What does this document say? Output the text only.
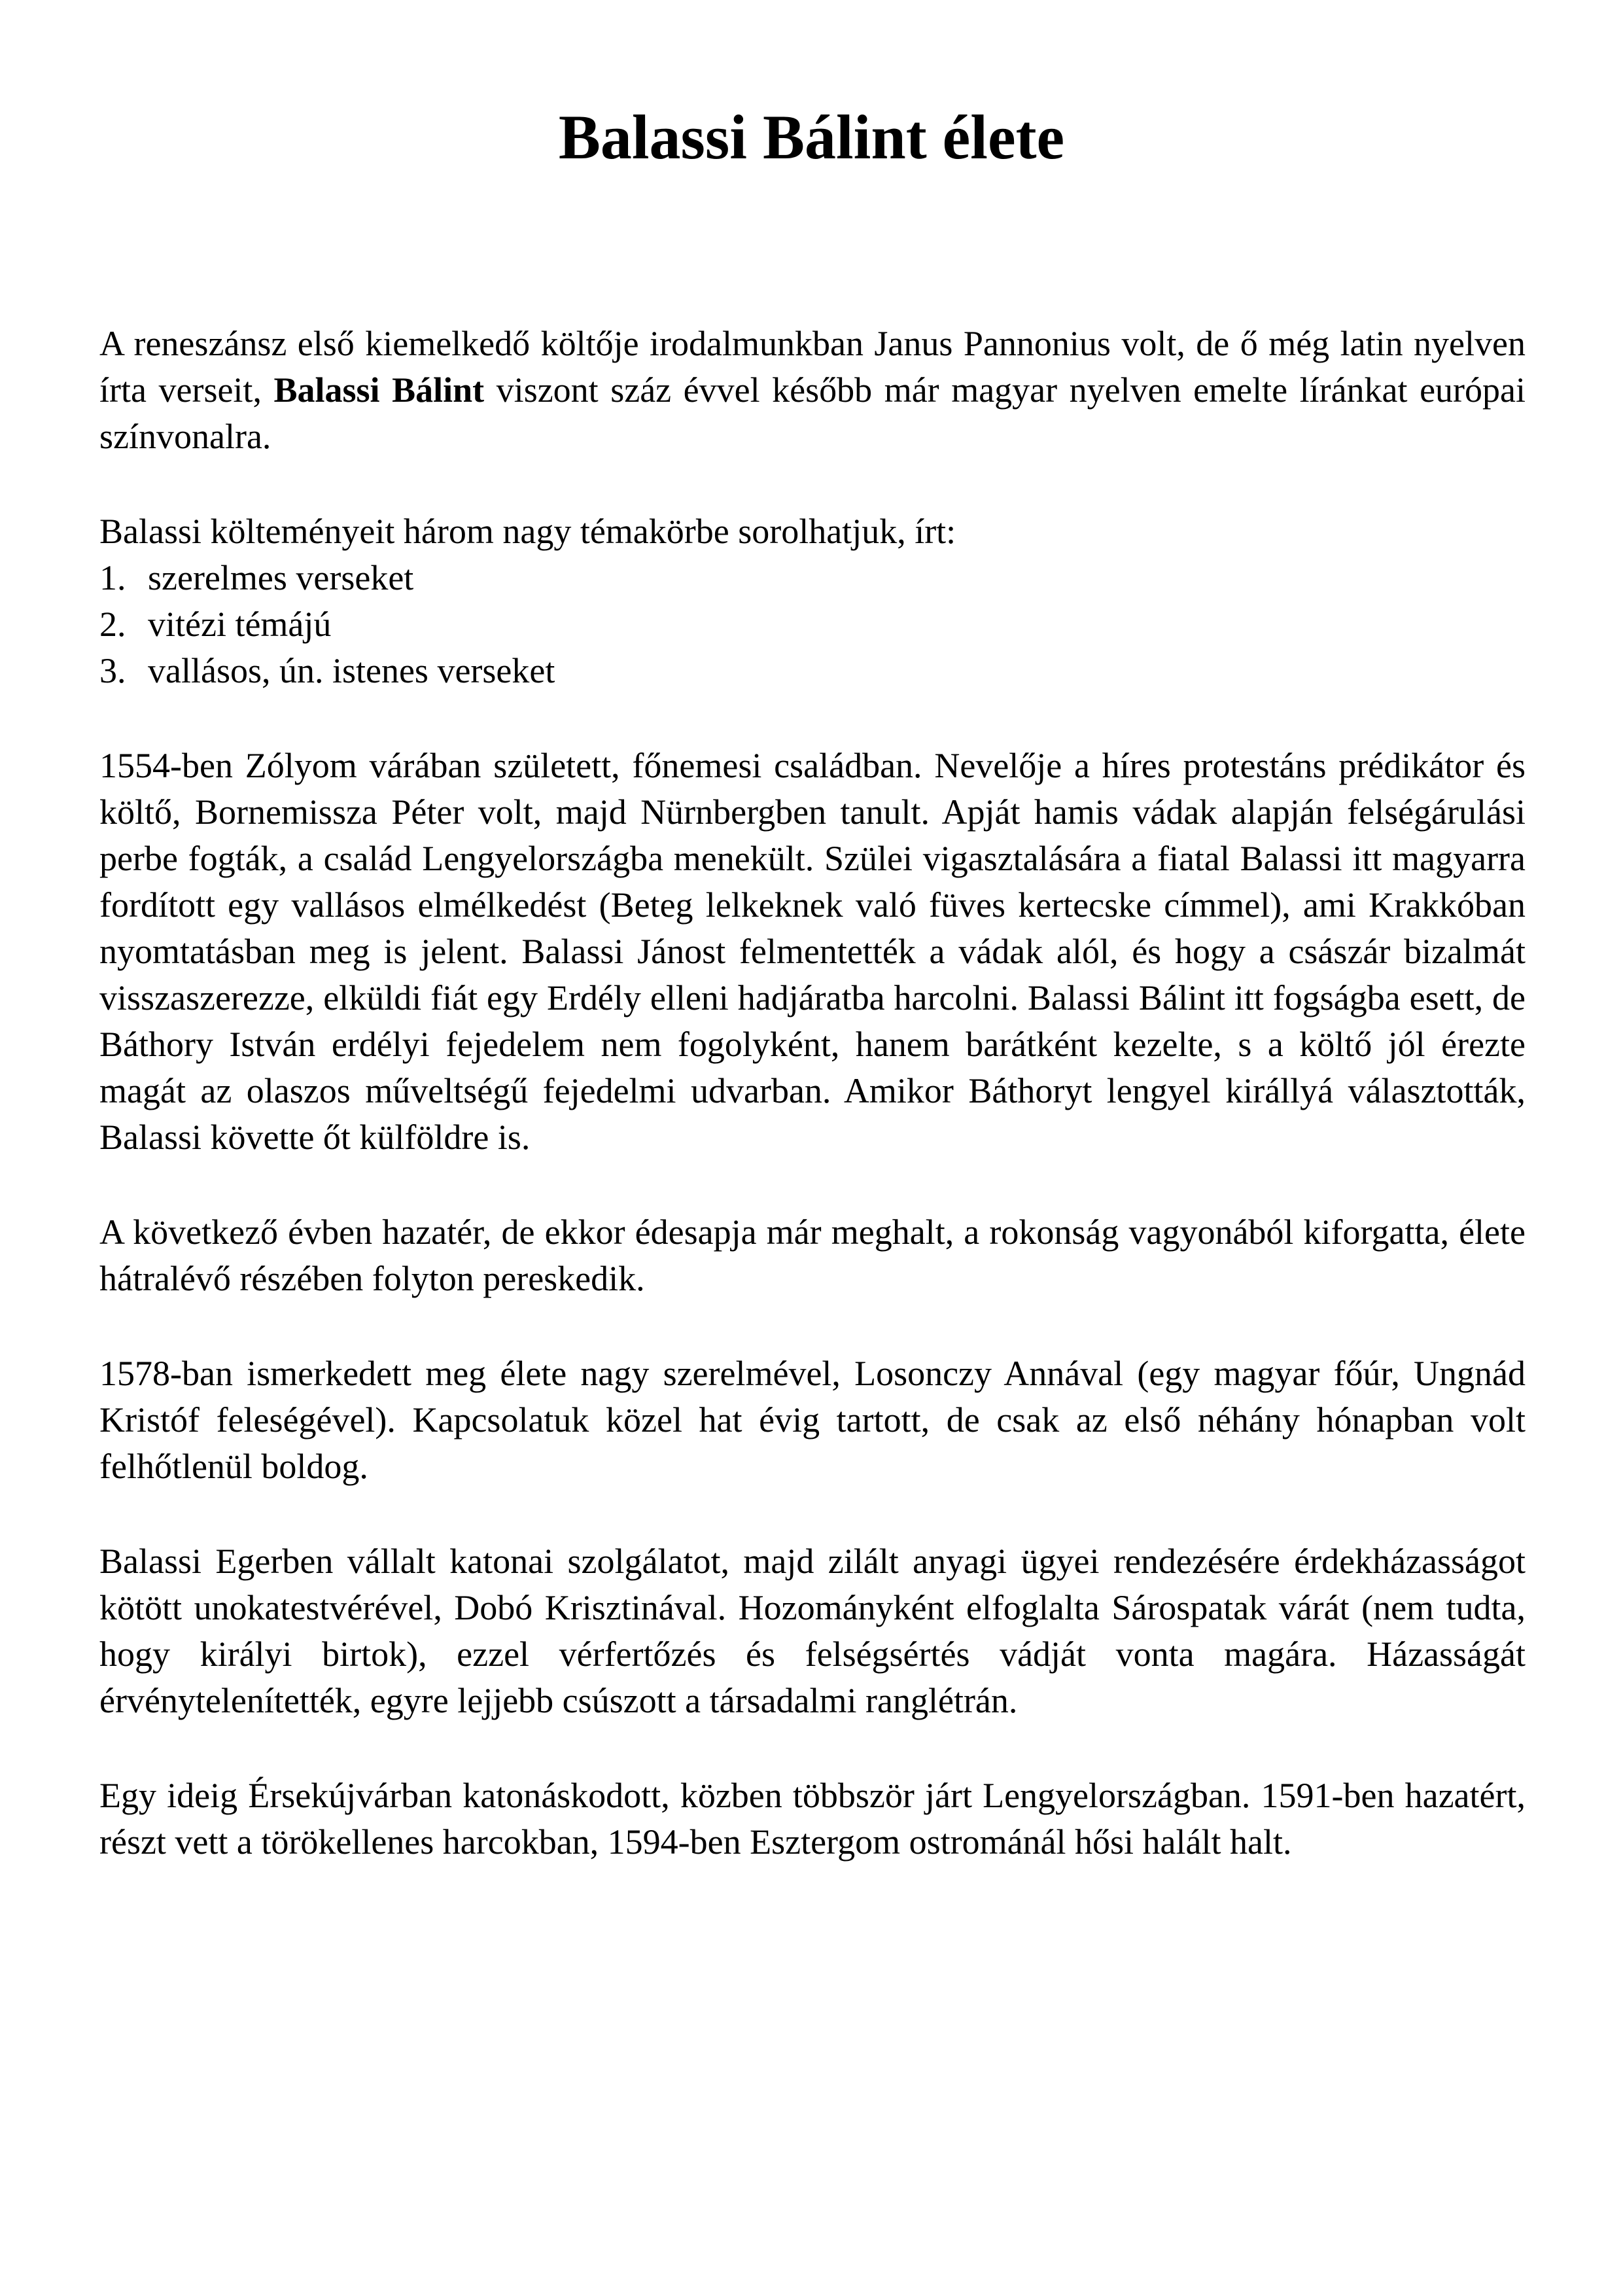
Balassi Bálint élete

A reneszánsz első kiemelkedő költője irodalmunkban Janus Pannonius volt, de ő még latin nyelven írta verseit, Balassi Bálint viszont száz évvel később már magyar nyelven emelte líránkat európai színvonalra.

Balassi költeményeit három nagy témakörbe sorolhatjuk, írt:

1. szerelmes verseket
2. vitézi témájú
3. vallásos, ún. istenes verseket

1554-ben Zólyom várában született, főnemesi családban. Nevelője a híres protestáns prédikátor és költő, Bornemissza Péter volt, majd Nürnbergben tanult. Apját hamis vádak alapján felségárulási perbe fogták, a család Lengyelországba menekült. Szülei vigasztalására a fiatal Balassi itt magyarra fordított egy vallásos elmélkedést (Beteg lelkeknek való füves kertecske címmel), ami Krakkóban nyomtatásban meg is jelent. Balassi Jánost felmentették a vádak alól, és hogy a császár bizalmát visszaszerezze, elküldi fiát egy Erdély elleni hadjáratba harcolni. Balassi Bálint itt fogságba esett, de Báthory István erdélyi fejedelem nem fogolyként, hanem barátként kezelte, s a költő jól érezte magát az olaszos műveltségű fejedelmi udvarban. Amikor Báthoryt lengyel királlyá választották, Balassi követte őt külföldre is.

A következő évben hazatér, de ekkor édesapja már meghalt, a rokonság vagyonából kiforgatta, élete hátralévő részében folyton pereskedik.

1578-ban ismerkedett meg élete nagy szerelmével, Losonczy Annával (egy magyar főúr, Ungnád Kristóf feleségével). Kapcsolatuk közel hat évig tartott, de csak az első néhány hónapban volt felhőtlenül boldog.

Balassi Egerben vállalt katonai szolgálatot, majd zilált anyagi ügyei rendezésére érdekházasságot kötött unokatestvérével, Dobó Krisztinával. Hozományként elfoglalta Sárospatak várát (nem tudta, hogy királyi birtok), ezzel vérfertőzés és felségsértés vádját vonta magára. Házasságát érvénytelenítették, egyre lejjebb csúszott a társadalmi ranglétrán.

Egy ideig Érsekújvárban katonáskodott, közben többször járt Lengyelországban. 1591-ben hazatért, részt vett a törökellenes harcokban, 1594-ben Esztergom ostrománál hősi halált halt.
